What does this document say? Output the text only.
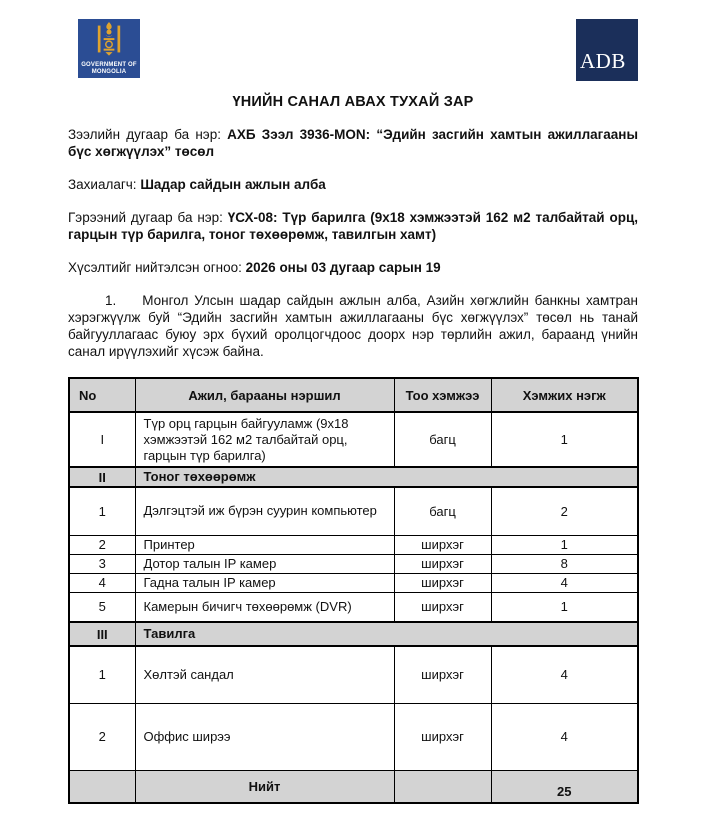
GOVERNMENT OF
MONGOLIA	ADB
ҮНИЙН САНАЛ АВАХ ТУХАЙ ЗАР

Зээлийн дугаар ба нэр: АХБ Зээл 3936-MON: “Эдийн засгийн хамтын ажиллагааны бүс хөгжүүлэх” төсөл

Захиалагч: Шадар сайдын ажлын алба

Гэрээний дугаар ба нэр: ҮСХ-08: Түр барилга (9х18 хэмжээтэй 162 м2 талбайтай орц, гарцын түр барилга, тоног төхөөрөмж, тавилгын хамт)

Хүсэлтийг нийтэлсэн огноо: 2026 оны 03 дугаар сарын 19

1. Монгол Улсын шадар сайдын ажлын алба, Азийн хөгжлийн банкны хамтран хэрэгжүүлж буй “Эдийн засгийн хамтын ажиллагааны бүс хөгжүүлэх” төсөл нь танай байгууллагаас буюу эрх бүхий оролцогчдоос доорх нэр төрлийн ажил, бараанд үнийн санал ирүүлэхийг хүсэж байна.

No	Ажил, барааны нэршил	Тоо хэмжээ	Хэмжих нэгж
I	Түр орц гарцын байгууламж (9х18 хэмжээтэй 162 м2 талбайтай орц, гарцын түр барилга)	багц	1
II	Тоног төхөөрөмж		
1	Дэлгэцтэй иж бүрэн суурин компьютер	багц	2
2	Принтер	ширхэг	1
3	Дотор талын IP камер	ширхэг	8
4	Гадна талын IP камер	ширхэг	4
5	Камерын бичигч төхөөрөмж (DVR)	ширхэг	1
III	Тавилга		
1	Хөлтэй сандал	ширхэг	4
2	Оффис ширээ	ширхэг	4
	Нийт		25
